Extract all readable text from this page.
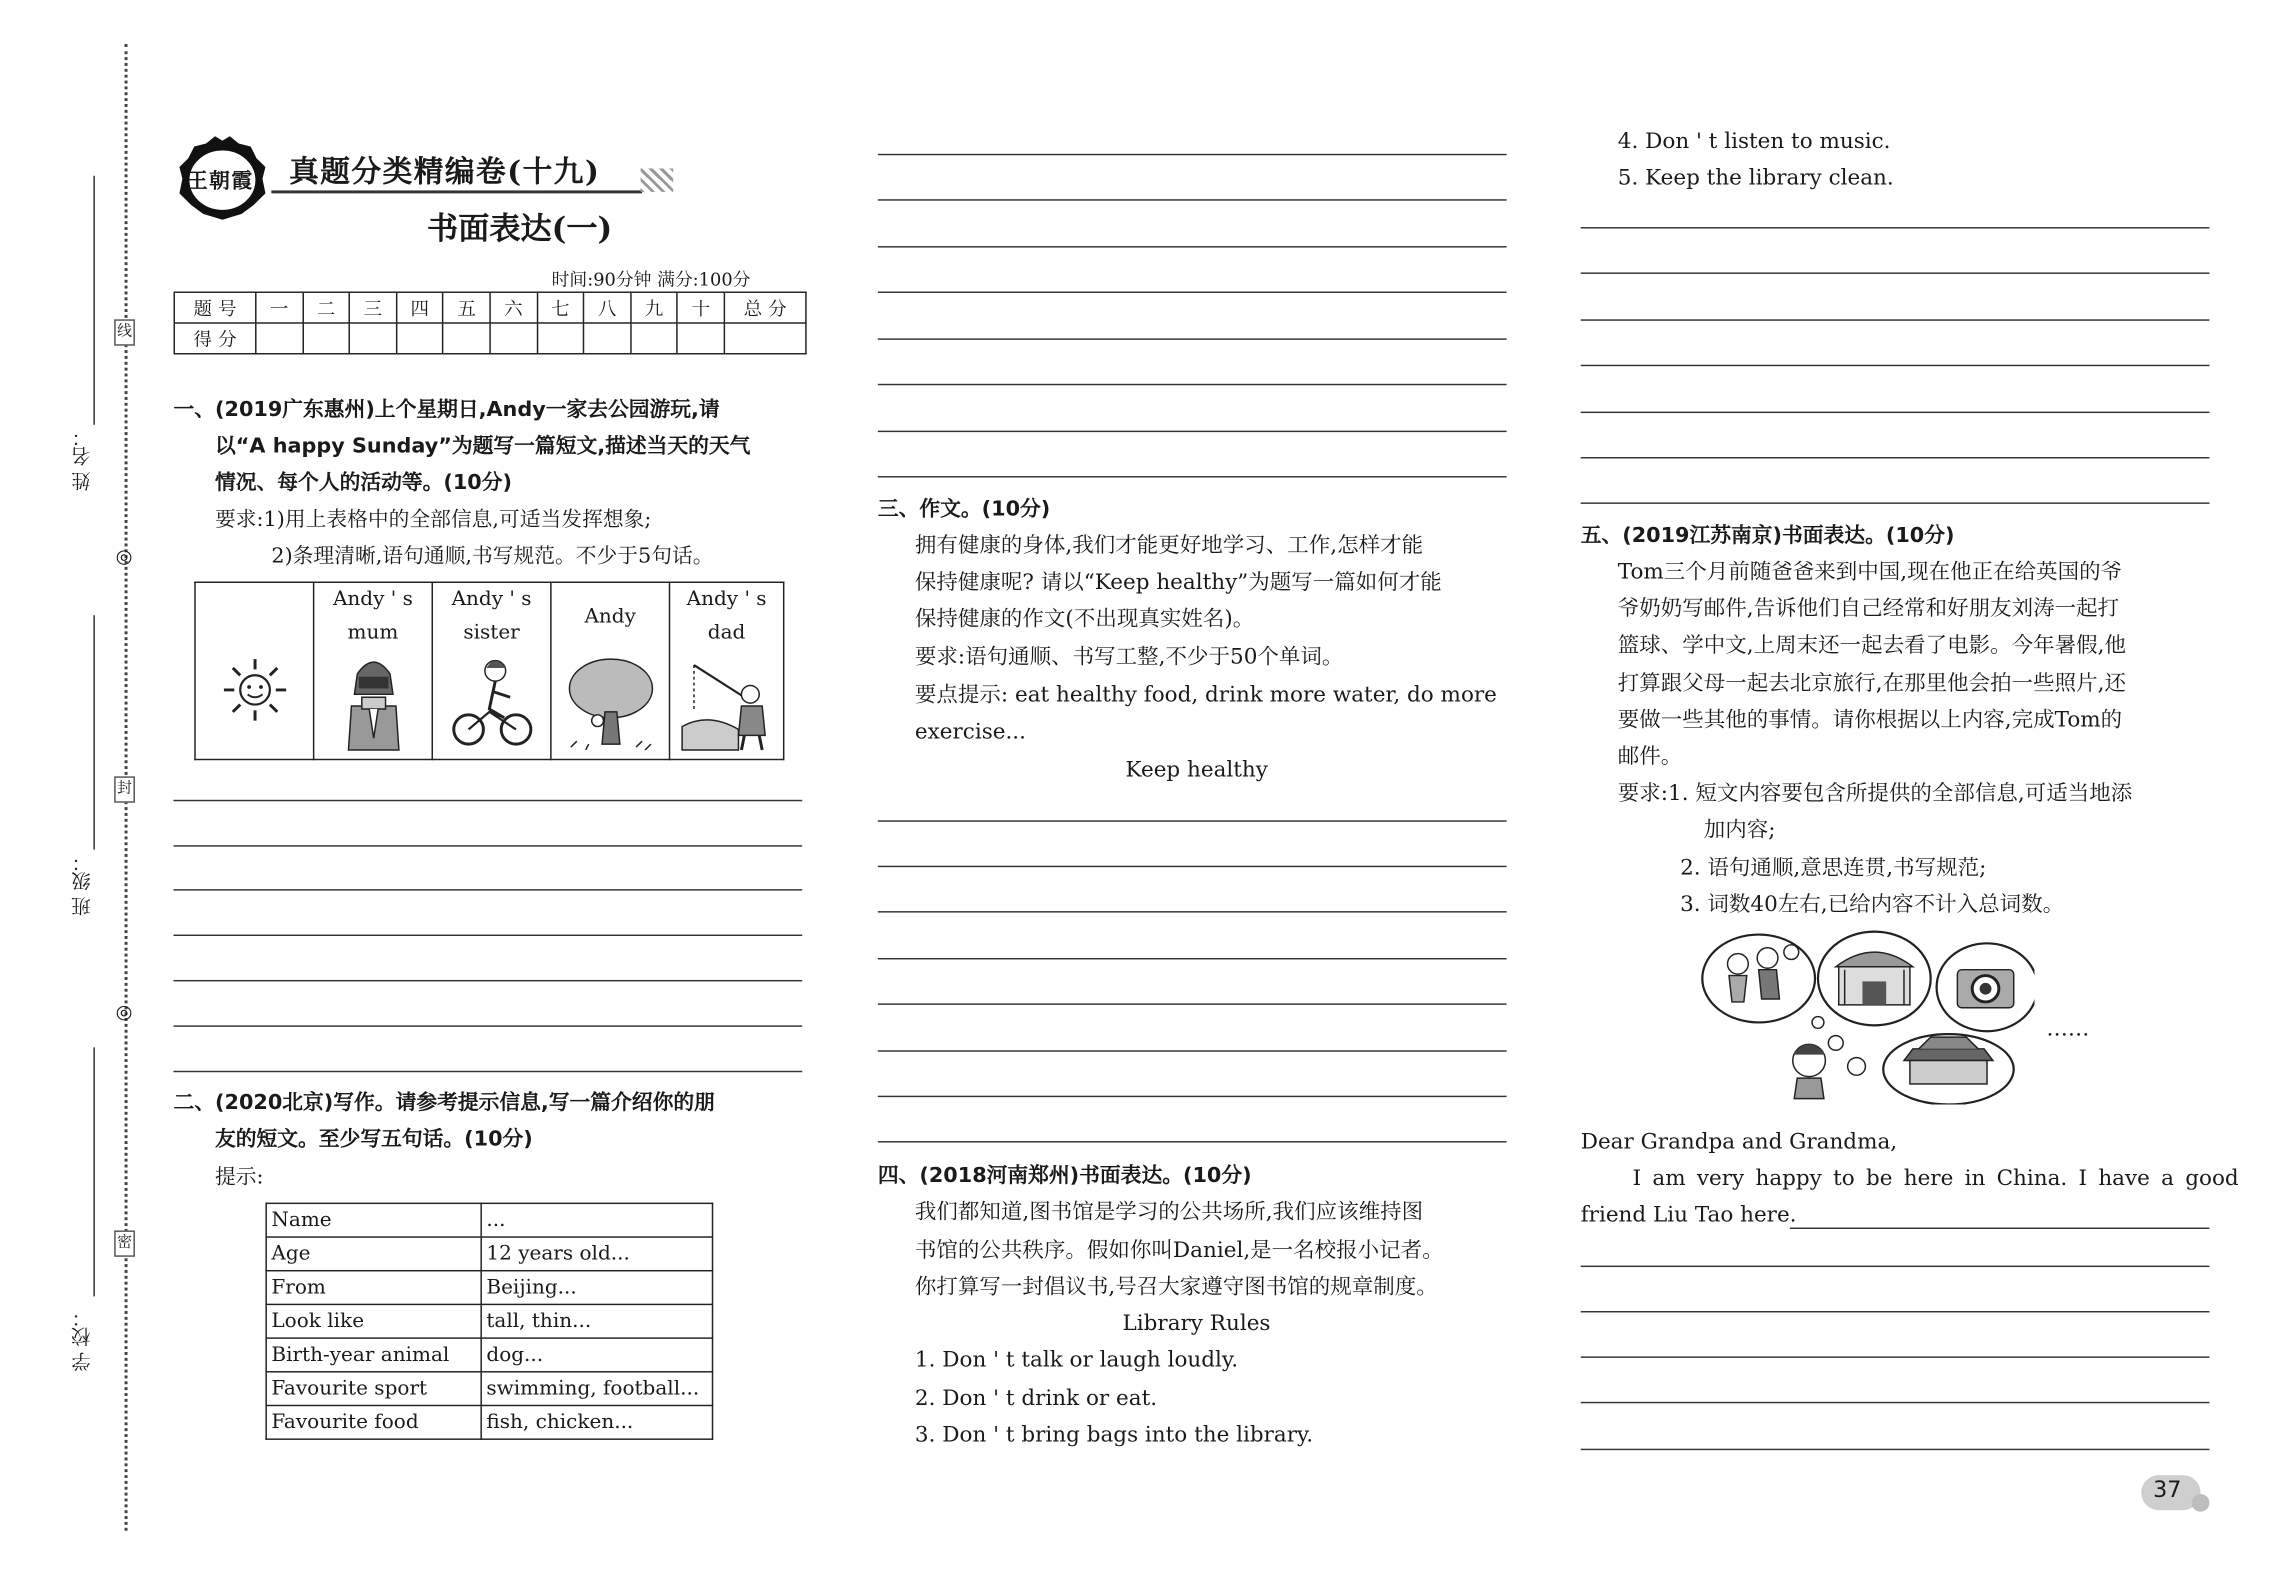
线
◎
封
◎
密
姓 名：
班 级：
学 校：
王朝霞 真题分类精编卷(十九)
书面表达(一)
时间:90分钟 满分:100分
题 号	一	二	三	四	五	六	七	八	九	十	总 分
得 分											
一、(2019广东惠州)上个星期日,Andy一家去公园游玩,请
以“A happy Sunday”为题写一篇短文,描述当天的天气
情况、每个人的活动等。(10分)
要求:1)用上表格中的全部信息,可适当发挥想象;
2)条理清晰,语句通顺,书写规范。不少于5句话。

Andy ' s
mum

Andy ' s
sister

Andy

Andy ' s
dad
二、(2020北京)写作。请参考提示信息,写一篇介绍你的朋
友的短文。至少写五句话。(10分)
提示:
Name	...
Age	12 years old...
From	Beijing...
Look like	tall, thin...
Birth-year animal	dog...
Favourite sport	swimming, football...
Favourite food	fish, chicken...
三、作文。(10分)
拥有健康的身体,我们才能更好地学习、工作,怎样才能
保持健康呢? 请以“Keep healthy”为题写一篇如何才能
保持健康的作文(不出现真实姓名)。
要求:语句通顺、书写工整,不少于50个单词。
要点提示: eat healthy food, drink more water, do more
exercise...
Keep healthy
四、(2018河南郑州)书面表达。(10分)
我们都知道,图书馆是学习的公共场所,我们应该维持图
书馆的公共秩序。假如你叫Daniel,是一名校报小记者。
你打算写一封倡议书,号召大家遵守图书馆的规章制度。
Library Rules
1. Don ' t talk or laugh loudly.
2. Don ' t drink or eat.
3. Don ' t bring bags into the library.
4. Don ' t listen to music.
5. Keep the library clean.
五、(2019江苏南京)书面表达。(10分)
Tom三个月前随爸爸来到中国,现在他正在给英国的爷
爷奶奶写邮件,告诉他们自己经常和好朋友刘涛一起打
篮球、学中文,上周末还一起去看了电影。今年暑假,他
打算跟父母一起去北京旅行,在那里他会拍一些照片,还
要做一些其他的事情。请你根据以上内容,完成Tom的
邮件。
要求:1. 短文内容要包含所提供的全部信息,可适当地添
加内容;
2. 语句通顺,意思连贯,书写规范;
3. 词数40左右,已给内容不计入总词数。
……
Dear Grandpa and Grandma,
I am very happy to be here in China. I have a good
friend Liu Tao here.
37
